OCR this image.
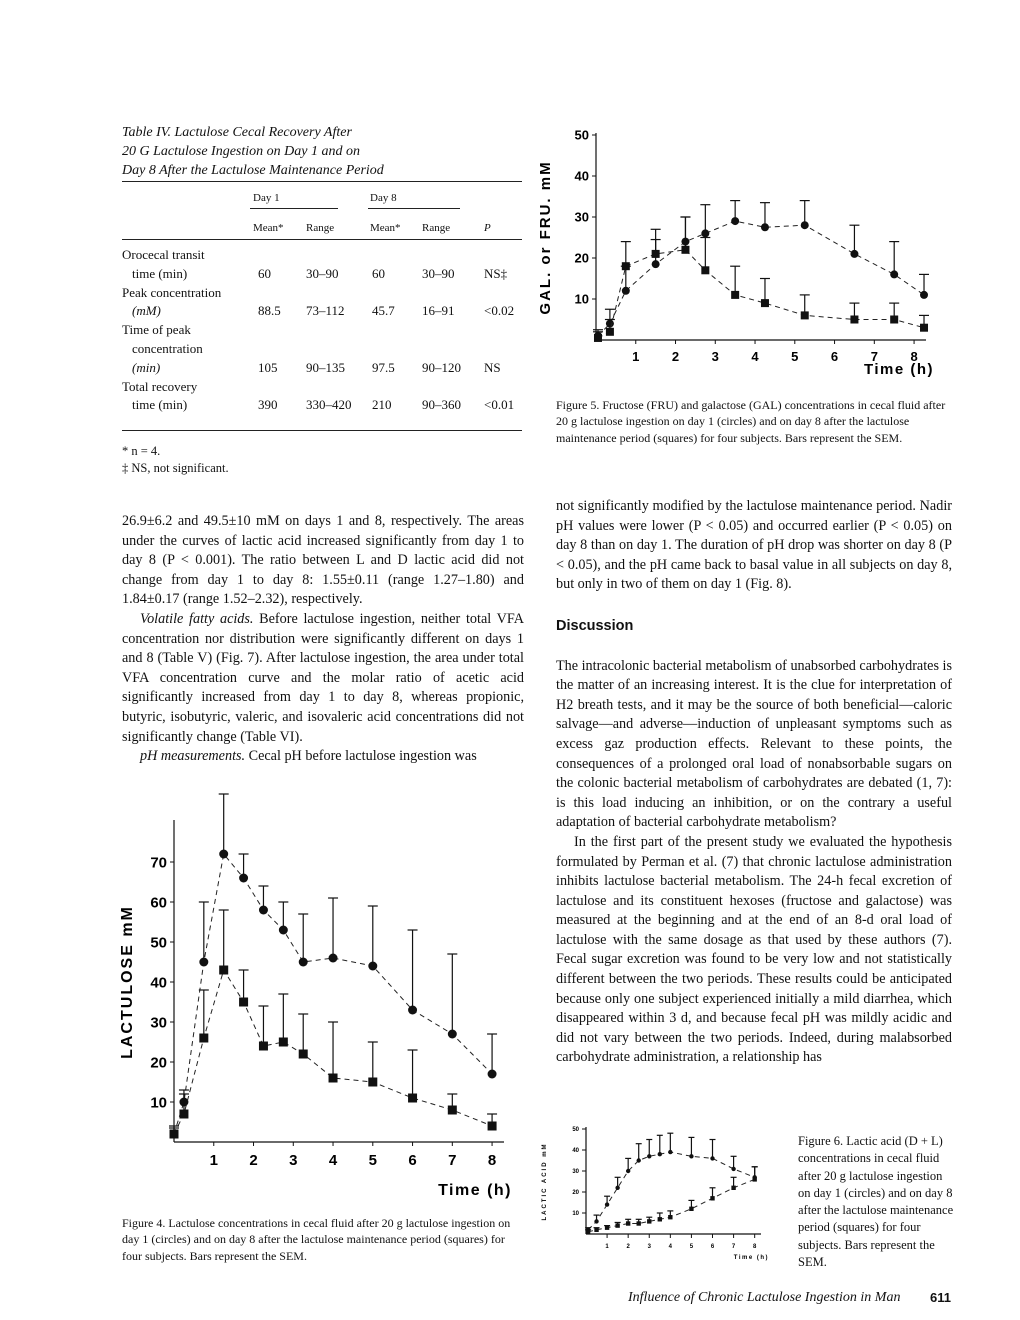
Table IV. Lactulose Cecal Recovery After
20 G Lactulose Ingestion on Day 1 and on
Day 8 After the Lactulose Maintenance Period
Day 1	Day 8
Mean* Range	Mean* Range	P
Orocecal transit
time (min)	60	30–90	60	30–90 NS‡
Peak concentration
(mM)	88.5 73–112 45.7 16–91 <0.02
Time of peak
concentration
(min)	105 90–135 97.5 90–120 NS
Total recovery
time (min)	390 330–420 210 90–360 <0.01
* n = 4.
‡ NS, not significant.

26.9±6.2 and 49.5±10 mM on days 1 and 8, respectively. The areas under the curves of lactic acid increased significantly from day 1 to day 8 (P < 0.001). The ratio between L and D lactic acid did not change from day 1 to day 8: 1.55±0.11 (range 1.27–1.80) and 1.84±0.17 (range 1.52–2.32), respectively.

Volatile fatty acids. Before lactulose ingestion, neither total VFA concentration nor distribution were significantly different on days 1 and 8 (Table V) (Fig. 7). After lactulose ingestion, the area under total VFA concentration curve and the molar ratio of acetic acid significantly increased from day 1 to day 8, whereas propionic, butyric, isobutyric, valeric, and isovaleric acid concentrations did not significantly change (Table VI).

pH measurements. Cecal pH before lactulose ingestion was

10
20
30
40
50
1	2	3	4	5	6	7	8
GAL. or FRU. mM
Time (h)
Figure 5. Fructose (FRU) and galactose (GAL) concentrations in cecal fluid after 20 g lactulose ingestion on day 1 (circles) and on day 8 after the lactulose maintenance period (squares) for four subjects. Bars represent the SEM.

not significantly modified by the lactulose maintenance period. Nadir pH values were lower (P < 0.05) and occurred earlier (P < 0.05) on day 8 than on day 1. The duration of pH drop was shorter on day 8 (P < 0.05), and the pH came back to basal value in all subjects on day 8, but only in two of them on day 1 (Fig. 8).

Discussion

The intracolonic bacterial metabolism of unabsorbed carbohydrates is the matter of an increasing interest. It is the clue for interpretation of H2 breath tests, and it may be the source of both beneficial—caloric salvage—and adverse—induction of unpleasant symptoms such as excess gaz production effects. Relevant to these points, the consequences of a prolonged oral load of nonabsorbable sugars on the colonic bacterial metabolism of carbohydrates are debated (1, 7): is this load inducing an inhibition, or on the contrary a useful adaptation of bacterial carbohydrate metabolism?

In the first part of the present study we evaluated the hypothesis formulated by Perman et al. (7) that chronic lactulose administration inhibits lactulose bacterial metabolism. The 24-h fecal excretion of lactulose and its constituent hexoses (fructose and galactose) was measured at the beginning and at the end of an 8-d oral load of lactulose with the same dosage as that used by these authors (7). Fecal sugar excretion was found to be very low and not statistically different between the two periods. These results could be anticipated because only one subject experienced initially a mild diarrhea, which disappeared within 3 d, and because fecal pH was mildly acidic and did not vary between the two periods. Indeed, during malabsorbed carbohydrate administration, a relationship has

10
20
30
40
50
60
70
1 2 3 4 5 6 7 8
LACTULOSE mM
Time (h)
Figure 4. Lactulose concentrations in cecal fluid after 20 g lactulose ingestion on day 1 (circles) and on day 8 after the lactulose maintenance period (squares) for four subjects. Bars represent the SEM.
10
20
30
40
50
1	2	3	4	5	6	7	8
LACTIC ACID mM
Time (h)
Figure 6. Lactic acid (D + L) concentrations in cecal fluid after 20 g lactulose ingestion on day 1 (circles) and on day 8 after the lactulose maintenance period (squares) for four subjects. Bars represent the SEM.
Influence of Chronic Lactulose Ingestion in Man 611
